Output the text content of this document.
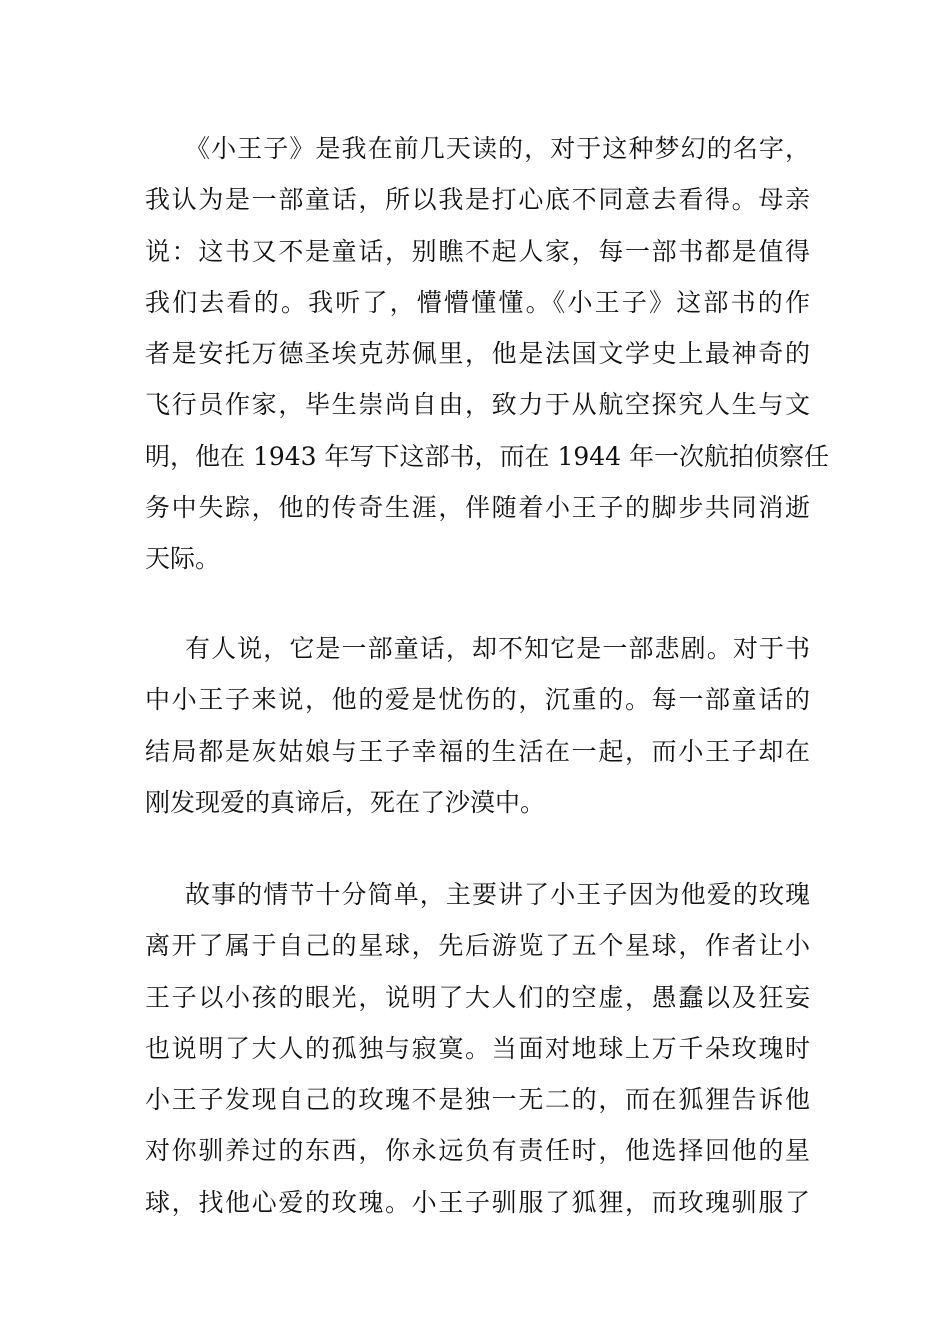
《小王子》是我在前几天读的，对于这种梦幻的名字，
我认为是一部童话，所以我是打心底不同意去看得。母亲
说：这书又不是童话，别瞧不起人家，每一部书都是值得
我们去看的。我听了，懵懵懂懂。《小王子》这部书的作
者是安托万德圣埃克苏佩里，他是法国文学史上最神奇的
飞行员作家，毕生崇尚自由，致力于从航空探究人生与文
明，他在 1943 年写下这部书，而在 1944 年一次航拍侦察任
务中失踪，他的传奇生涯，伴随着小王子的脚步共同消逝
天际。

有人说，它是一部童话，却不知它是一部悲剧。对于书
中小王子来说，他的爱是忧伤的，沉重的。每一部童话的
结局都是灰姑娘与王子幸福的生活在一起，而小王子却在
刚发现爱的真谛后，死在了沙漠中。

故事的情节十分简单，主要讲了小王子因为他爱的玫瑰
离开了属于自己的星球，先后游览了五个星球，作者让小
王子以小孩的眼光，说明了大人们的空虚，愚蠢以及狂妄
也说明了大人的孤独与寂寞。当面对地球上万千朵玫瑰时
小王子发现自己的玫瑰不是独一无二的，而在狐狸告诉他
对你驯养过的东西，你永远负有责任时，他选择回他的星
球，找他心爱的玫瑰。小王子驯服了狐狸，而玫瑰驯服了
